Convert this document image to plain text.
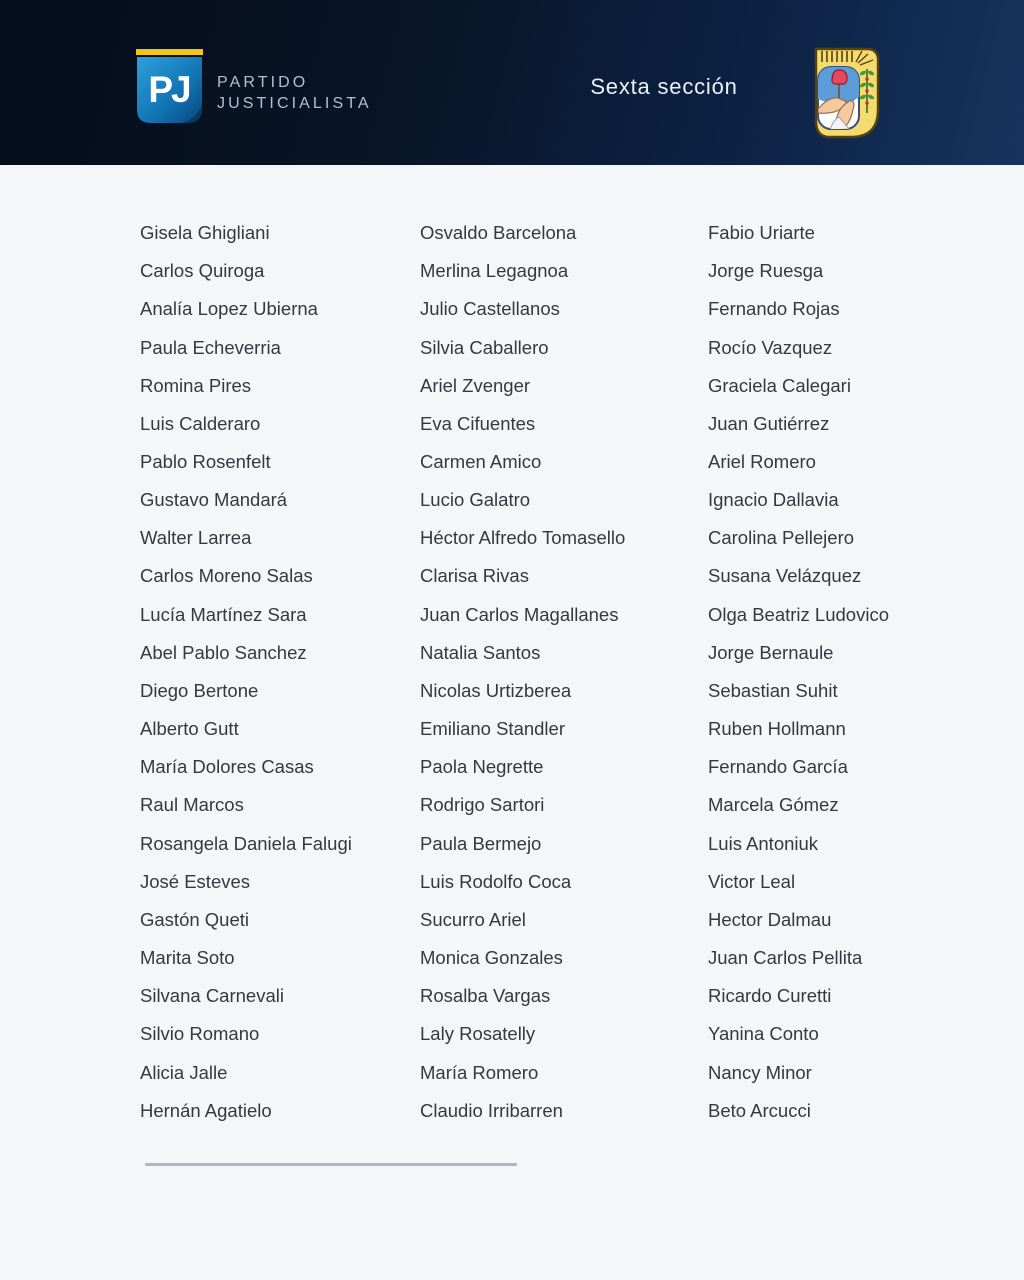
PJ PARTIDO
JUSTICIALISTA
Sexta sección
Gisela Ghigliani
Carlos Quiroga
Analía Lopez Ubierna
Paula Echeverria
Romina Pires
Luis Calderaro
Pablo Rosenfelt
Gustavo Mandará
Walter Larrea
Carlos Moreno Salas
Lucía Martínez Sara
Abel Pablo Sanchez
Diego Bertone
Alberto Gutt
María Dolores Casas
Raul Marcos
Rosangela Daniela Falugi
José Esteves
Gastón Queti
Marita Soto
Silvana Carnevali
Silvio Romano
Alicia Jalle
Hernán Agatielo
Osvaldo Barcelona
Merlina Legagnoa
Julio Castellanos
Silvia Caballero
Ariel Zvenger
Eva Cifuentes
Carmen Amico
Lucio Galatro
Héctor Alfredo Tomasello
Clarisa Rivas
Juan Carlos Magallanes
Natalia Santos
Nicolas Urtizberea
Emiliano Standler
Paola Negrette
Rodrigo Sartori
Paula Bermejo
Luis Rodolfo Coca
Sucurro Ariel
Monica Gonzales
Rosalba Vargas
Laly Rosatelly
María Romero
Claudio Irribarren
Fabio Uriarte
Jorge Ruesga
Fernando Rojas
Rocío Vazquez
Graciela Calegari
Juan Gutiérrez
Ariel Romero
Ignacio Dallavia
Carolina Pellejero
Susana Velázquez
Olga Beatriz Ludovico
Jorge Bernaule
Sebastian Suhit
Ruben Hollmann
Fernando García
Marcela Gómez
Luis Antoniuk
Victor Leal
Hector Dalmau
Juan Carlos Pellita
Ricardo Curetti
Yanina Conto
Nancy Minor
Beto Arcucci
